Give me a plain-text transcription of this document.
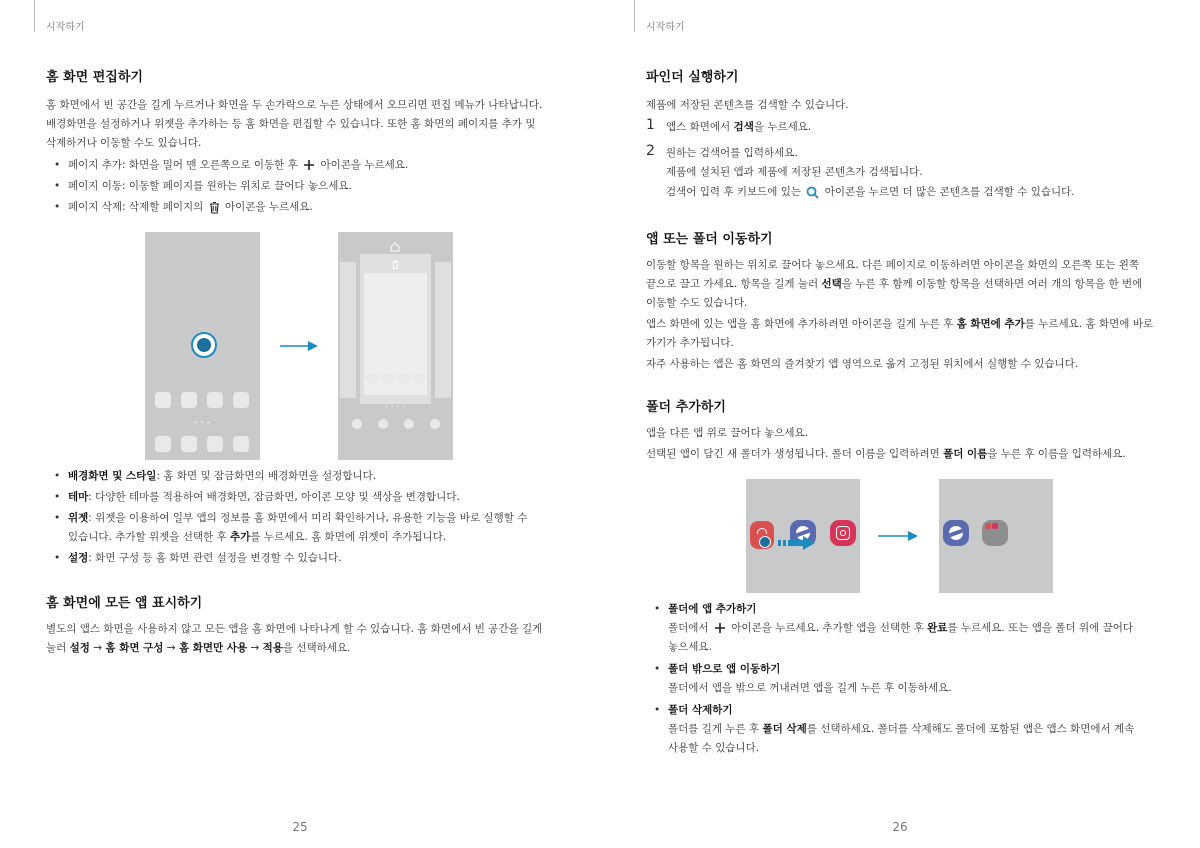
시작하기
홈 화면 편집하기

홈 화면에서 빈 공간을 길게 누르거나 화면을 두 손가락으로 누른 상태에서 오므리면 편집 메뉴가 나타납니다.

배경화면을 설정하거나 위젯을 추가하는 등 홈 화면을 편집할 수 있습니다. 또한 홈 화면의 페이지를 추가 및

삭제하거나 이동할 수도 있습니다.

• 페이지 추가: 화면을 밀어 맨 오른쪽으로 이동한 후 아이콘을 누르세요.
• 페이지 이동: 이동할 페이지를 원하는 위치로 끌어다 놓으세요.
• 페이지 삭제: 삭제할 페이지의 아이콘을 누르세요.
• • •
• • • •
• 배경화면 및 스타일: 홈 화면 및 잠금화면의 배경화면을 설정합니다.
• 테마: 다양한 테마를 적용하여 배경화면, 잠금화면, 아이콘 모양 및 색상을 변경합니다.
• 위젯: 위젯을 이용하여 일부 앱의 정보를 홈 화면에서 미리 확인하거나, 유용한 기능을 바로 실행할 수
있습니다. 추가할 위젯을 선택한 후 추가를 누르세요. 홈 화면에 위젯이 추가됩니다.
• 설정: 화면 구성 등 홈 화면 관련 설정을 변경할 수 있습니다.
홈 화면에 모든 앱 표시하기

별도의 앱스 화면을 사용하지 않고 모든 앱을 홈 화면에 나타나게 할 수 있습니다. 홈 화면에서 빈 공간을 길게

눌러 설정 → 홈 화면 구성 → 홈 화면만 사용 → 적용을 선택하세요.

25
시작하기
파인더 실행하기

제품에 저장된 콘텐츠를 검색할 수 있습니다.

1 앱스 화면에서 검색을 누르세요.
2 원하는 검색어를 입력하세요.
제품에 설치된 앱과 제품에 저장된 콘텐츠가 검색됩니다.
검색어 입력 후 키보드에 있는 아이콘을 누르면 더 많은 콘텐츠를 검색할 수 있습니다.
앱 또는 폴더 이동하기

이동할 항목을 원하는 위치로 끌어다 놓으세요. 다른 페이지로 이동하려면 아이콘을 화면의 오른쪽 또는 왼쪽

끝으로 끌고 가세요. 항목을 길게 눌러 선택을 누른 후 함께 이동할 항목을 선택하면 여러 개의 항목을 한 번에

이동할 수도 있습니다.

앱스 화면에 있는 앱을 홈 화면에 추가하려면 아이콘을 길게 누른 후 홈 화면에 추가를 누르세요. 홈 화면에 바로

가기가 추가됩니다.

자주 사용하는 앱은 홈 화면의 즐겨찾기 앱 영역으로 옮겨 고정된 위치에서 실행할 수 있습니다.

폴더 추가하기

앱을 다른 앱 위로 끌어다 놓으세요.

선택된 앱이 담긴 새 폴더가 생성됩니다. 폴더 이름을 입력하려면 폴더 이름을 누른 후 이름을 입력하세요.

• 폴더에 앱 추가하기
폴더에서 아이콘을 누르세요. 추가할 앱을 선택한 후 완료를 누르세요. 또는 앱을 폴더 위에 끌어다
놓으세요.
• 폴더 밖으로 앱 이동하기
폴더에서 앱을 밖으로 꺼내려면 앱을 길게 누른 후 이동하세요.
• 폴더 삭제하기
폴더를 길게 누른 후 폴더 삭제를 선택하세요. 폴더를 삭제해도 폴더에 포함된 앱은 앱스 화면에서 계속
사용할 수 있습니다.
26
